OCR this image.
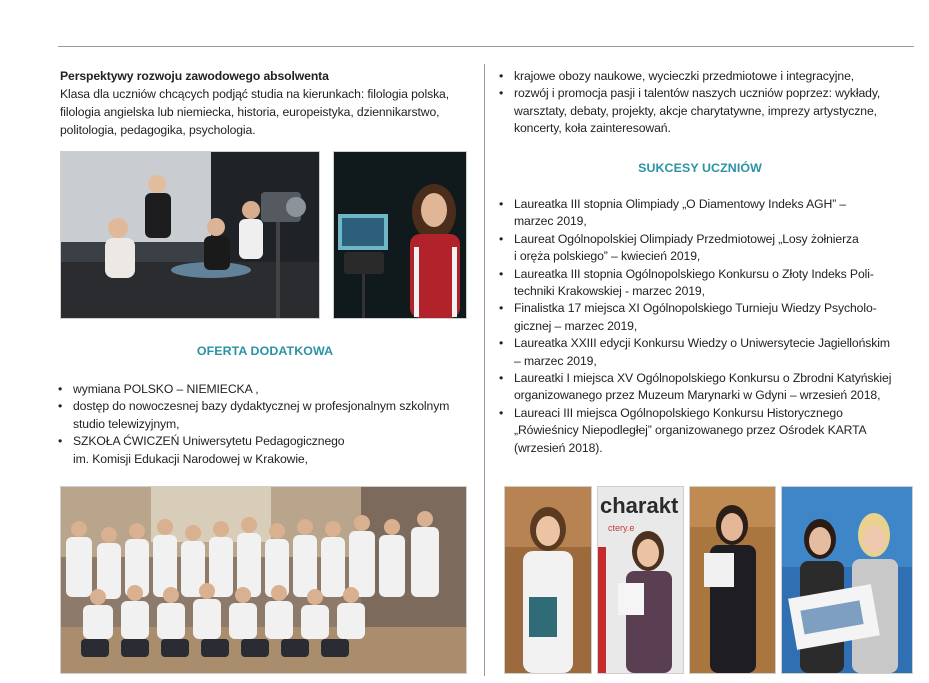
Perspektywy rozwoju zawodowego absolwenta
Klasa dla uczniów chcących podjąć studia na kierunkach: filologia polska,
filologia angielska lub niemiecka, historia, europeistyka, dziennikarstwo,
politologia, pedagogika, psychologia.
OFERTA DODATKOWA
• wymiana POLSKO – NIEMIECKA ,
• dostęp do nowoczesnej bazy dydaktycznej w profesjonalnym szkolnym
studio telewizyjnym,
• SZKOŁA ĆWICZEŃ Uniwersytetu Pedagogicznego
im. Komisji Edukacji Narodowej w Krakowie,
• krajowe obozy naukowe, wycieczki przedmiotowe i integracyjne,
• rozwój i promocja pasji i talentów naszych uczniów poprzez: wykłady,
warsztaty, debaty, projekty, akcje charytatywne, imprezy artystyczne,
koncerty, koła zainteresowań.
SUKCESY UCZNIÓW
• Laureatka III stopnia Olimpiady „O Diamentowy Indeks AGH” –
marzec 2019,
• Laureat Ogólnopolskiej Olimpiady Przedmiotowej „Losy żołnierza
i oręża polskiego” – kwiecień 2019,
• Laureatka III stopnia Ogólnopolskiego Konkursu o Złoty Indeks Poli-
techniki Krakowskiej - marzec 2019,
• Finalistka 17 miejsca XI Ogólnopolskiego Turnieju Wiedzy Psycholo-
gicznej – marzec 2019,
• Laureatka XXIII edycji Konkursu Wiedzy o Uniwersytecie Jagiellońskim
– marzec 2019,
• Laureatki I miejsca XV Ogólnopolskiego Konkursu o Zbrodni Katyńskiej
organizowanego przez Muzeum Marynarki w Gdyni – wrzesień 2018,
• Laureaci III miejsca Ogólnopolskiego Konkursu Historycznego
„Rówieśnicy Niepodległej” organizowanego przez Ośrodek KARTA
(wrzesień 2018).
charakt
ctery.e
